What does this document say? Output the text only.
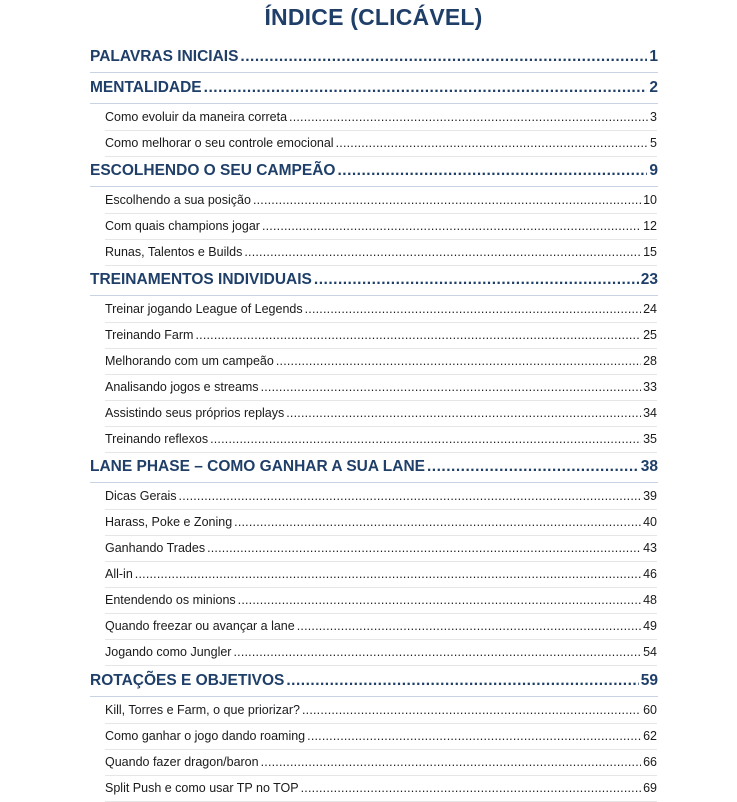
ÍNDICE (CLICÁVEL)
PALAVRAS INICIAIS .....	1
MENTALIDADE .....	2
Como evoluir da maneira correta .....	3
Como melhorar o seu controle emocional .....	5
ESCOLHENDO O SEU CAMPEÃO .....	9
Escolhendo a sua posição .....	10
Com quais champions jogar .....	12
Runas, Talentos e Builds .....	15
TREINAMENTOS INDIVIDUAIS .....	23
Treinar jogando League of Legends .....	24
Treinando Farm .....	25
Melhorando com um campeão .....	28
Analisando jogos e streams .....	33
Assistindo seus próprios replays .....	34
Treinando reflexos .....	35
LANE PHASE – COMO GANHAR A SUA LANE .....	38
Dicas Gerais .....	39
Harass, Poke e Zoning .....	40
Ganhando Trades .....	43
All-in .....	46
Entendendo os minions .....	48
Quando freezar ou avançar a lane .....	49
Jogando como Jungler .....	54
ROTAÇÕES E OBJETIVOS .....	59
Kill, Torres e Farm, o que priorizar? .....	60
Como ganhar o jogo dando roaming .....	62
Quando fazer dragon/baron .....	66
Split Push e como usar TP no TOP .....	69
